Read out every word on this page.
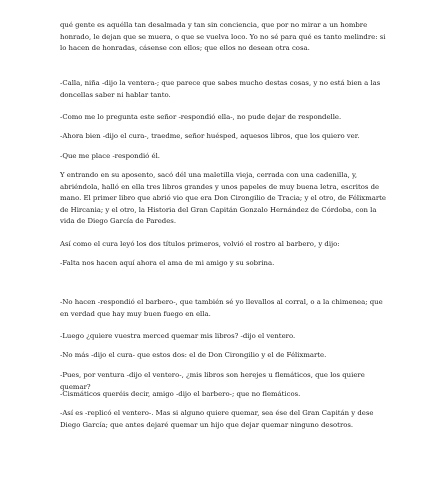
qué gente es aquélla tan desalmada y tan sin conciencia, que por no mirar a un hombre honrado, le dejan que se muera, o que se vuelva loco. Yo no sé para qué es tanto melindre: si lo hacen de honradas, cásense con ellos; que ellos no desean otra cosa.

-Calla, niña -dijo la ventera-; que parece que sabes mucho destas cosas, y no está bien a las doncellas saber ni hablar tanto.

-Como me lo pregunta este señor -respondió ella-, no pude dejar de respondelle.

-Ahora bien -dijo el cura-, traedme, señor huésped, aquesos libros, que los quiero ver.

-Que me place -respondió él.

Y entrando en su aposento, sacó dél una maletilla vieja, cerrada con una cadenilla, y, abriéndola, halló en ella tres libros grandes y unos papeles de muy buena letra, escritos de mano. El primer libro que abrió vio que era Don Cirongilio de Tracia; y el otro, de Félixmarte de Hircania; y el otro, la Historia del Gran Capitán Gonzalo Hernández de Córdoba, con la vida de Diego García de Paredes.

Así como el cura leyó los dos títulos primeros, volvió el rostro al barbero, y dijo:

-Falta nos hacen aquí ahora el ama de mi amigo y su sobrina.

-No hacen -respondió el barbero-, que también sé yo llevallos al corral, o a la chimenea; que en verdad que hay muy buen fuego en ella.

-Luego ¿quiere vuestra merced quemar mis libros? -dijo el ventero.

-No más -dijo el cura- que estos dos: el de Don Cirongilio y el de Félixmarte.

-Pues, por ventura -dijo el ventero-, ¿mis libros son herejes u flemáticos, que los quiere quemar?

-Cismáticos queréis decir, amigo -dijo el barbero-; que no flemáticos.

-Así es -replicó el ventero-. Mas si alguno quiere quemar, sea ése del Gran Capitán y dese Diego García; que antes dejaré quemar un hijo que dejar quemar ninguno desotros.
